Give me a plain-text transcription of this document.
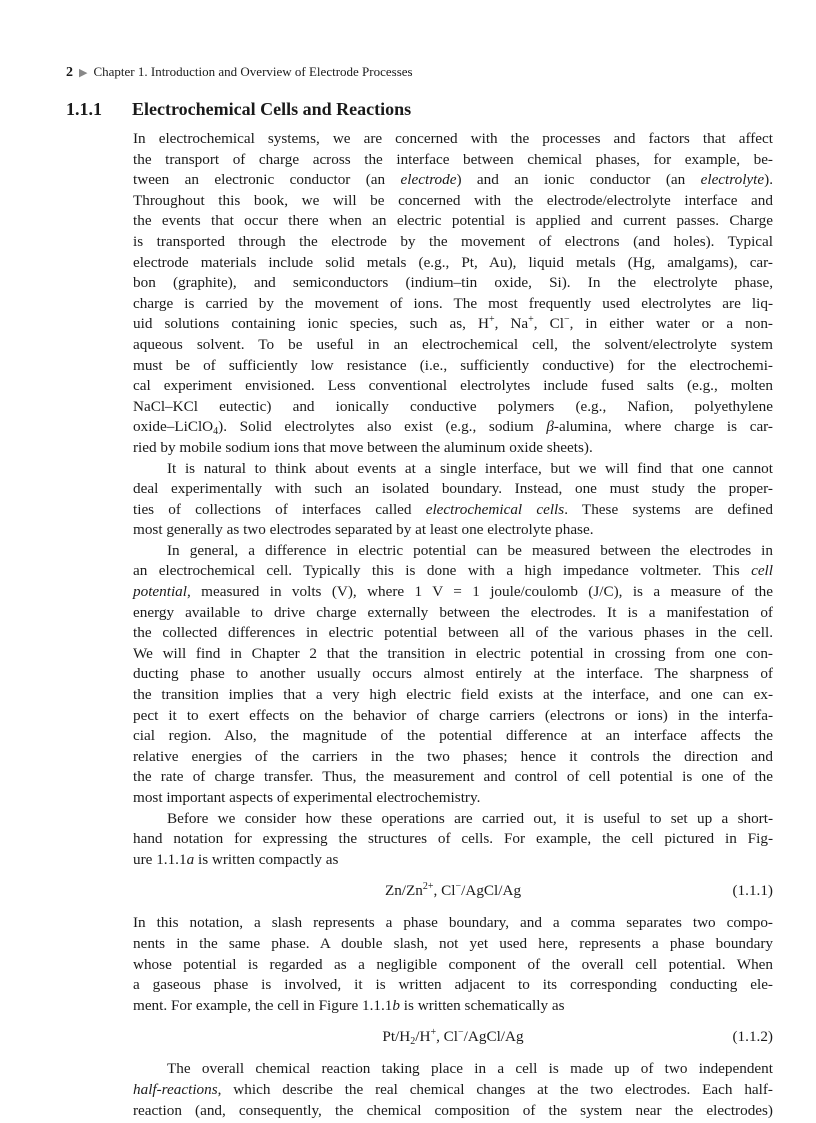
2 ▶ Chapter 1. Introduction and Overview of Electrode Processes
1.1.1 Electrochemical Cells and Reactions
In electrochemical systems, we are concerned with the processes and factors that affect
the transport of charge across the interface between chemical phases, for example, be-
tween an electronic conductor (an electrode) and an ionic conductor (an electrolyte).
Throughout this book, we will be concerned with the electrode/electrolyte interface and
the events that occur there when an electric potential is applied and current passes. Charge
is transported through the electrode by the movement of electrons (and holes). Typical
electrode materials include solid metals (e.g., Pt, Au), liquid metals (Hg, amalgams), car-
bon (graphite), and semiconductors (indium–tin oxide, Si). In the electrolyte phase,
charge is carried by the movement of ions. The most frequently used electrolytes are liq-
uid solutions containing ionic species, such as, H+, Na+, Cl−, in either water or a non-
aqueous solvent. To be useful in an electrochemical cell, the solvent/electrolyte system
must be of sufficiently low resistance (i.e., sufficiently conductive) for the electrochemi-
cal experiment envisioned. Less conventional electrolytes include fused salts (e.g., molten
NaCl–KCl eutectic) and ionically conductive polymers (e.g., Nafion, polyethylene
oxide–LiClO$_4$). Solid electrolytes also exist (e.g., sodium β-alumina, where charge is car-
ried by mobile sodium ions that move between the aluminum oxide sheets).
It is natural to think about events at a single interface, but we will find that one cannot
deal experimentally with such an isolated boundary. Instead, one must study the proper-
ties of collections of interfaces called electrochemical cells. These systems are defined
most generally as two electrodes separated by at least one electrolyte phase.
In general, a difference in electric potential can be measured between the electrodes in
an electrochemical cell. Typically this is done with a high impedance voltmeter. This cell
potential, measured in volts (V), where 1 V = 1 joule/coulomb (J/C), is a measure of the
energy available to drive charge externally between the electrodes. It is a manifestation of
the collected differences in electric potential between all of the various phases in the cell.
We will find in Chapter 2 that the transition in electric potential in crossing from one con-
ducting phase to another usually occurs almost entirely at the interface. The sharpness of
the transition implies that a very high electric field exists at the interface, and one can ex-
pect it to exert effects on the behavior of charge carriers (electrons or ions) in the interfa-
cial region. Also, the magnitude of the potential difference at an interface affects the
relative energies of the carriers in the two phases; hence it controls the direction and
the rate of charge transfer. Thus, the measurement and control of cell potential is one of the
most important aspects of experimental electrochemistry.
Before we consider how these operations are carried out, it is useful to set up a short-
hand notation for expressing the structures of cells. For example, the cell pictured in Fig-
ure 1.1.1a is written compactly as
$Zn/Zn^{2+}$, Cl−/AgCl/Ag	(1.1.1)
In this notation, a slash represents a phase boundary, and a comma separates two compo-
nents in the same phase. A double slash, not yet used here, represents a phase boundary
whose potential is regarded as a negligible component of the overall cell potential. When
a gaseous phase is involved, it is written adjacent to its corresponding conducting ele-
ment. For example, the cell in Figure 1.1.1b is written schematically as
$Pt/H_2/H^+$, Cl−/AgCl/Ag	(1.1.2)
The overall chemical reaction taking place in a cell is made up of two independent
half-reactions, which describe the real chemical changes at the two electrodes. Each half-
reaction (and, consequently, the chemical composition of the system near the electrodes)
